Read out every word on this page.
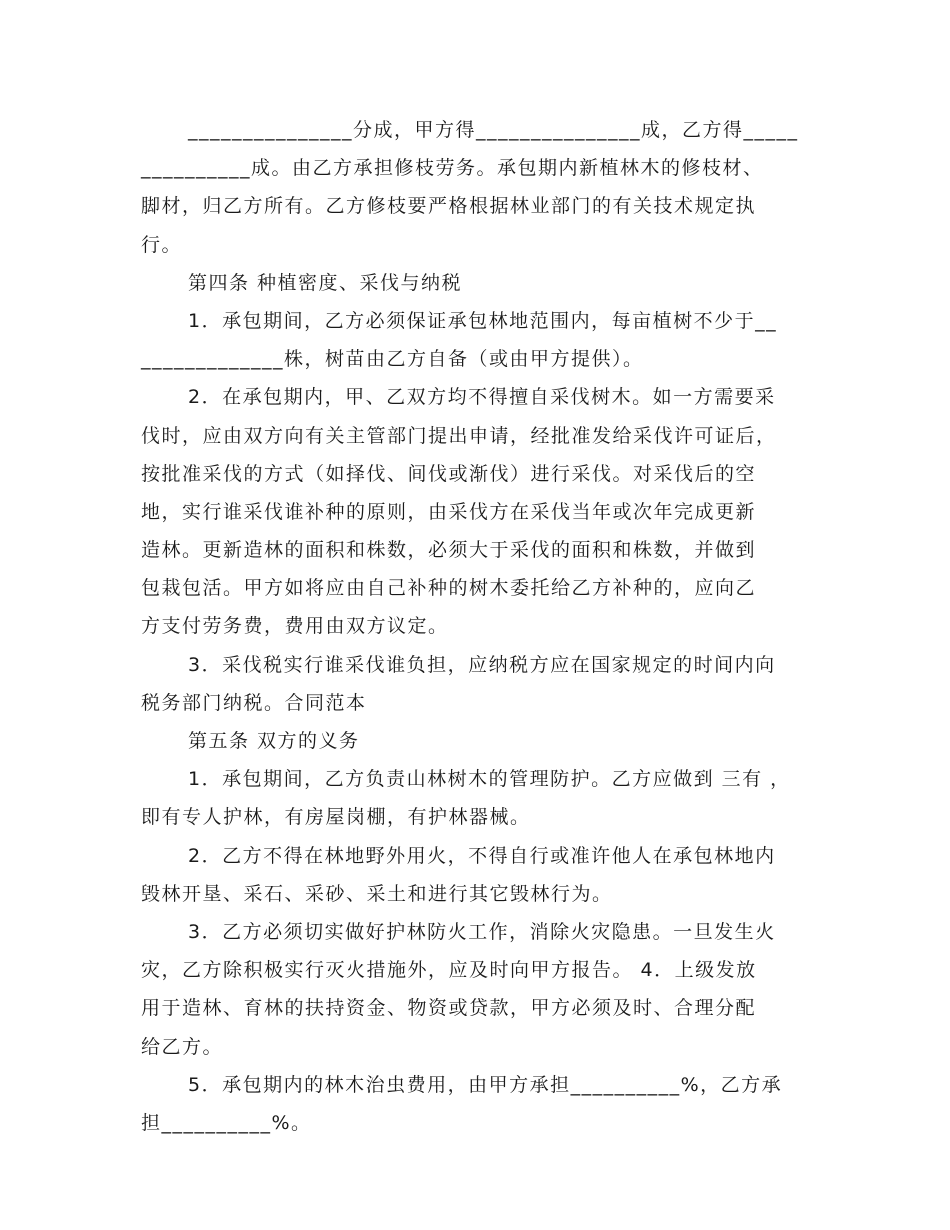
_______________分成，甲方得_______________成，乙方得_____
__________成。由乙方承担修枝劳务。承包期内新植林木的修枝材、
脚材，归乙方所有。乙方修枝要严格根据林业部门的有关技术规定执
行。
第四条 种植密度、采伐与纳税
1．承包期间，乙方必须保证承包林地范围内，每亩植树不少于__
_____________株，树苗由乙方自备（或由甲方提供）。
2．在承包期内，甲、乙双方均不得擅自采伐树木。如一方需要采
伐时，应由双方向有关主管部门提出申请，经批准发给采伐许可证后，
按批准采伐的方式（如择伐、间伐或渐伐）进行采伐。对采伐后的空
地，实行谁采伐谁补种的原则，由采伐方在采伐当年或次年完成更新
造林。更新造林的面积和株数，必须大于采伐的面积和株数，并做到
包栽包活。甲方如将应由自己补种的树木委托给乙方补种的，应向乙
方支付劳务费，费用由双方议定。
3．采伐税实行谁采伐谁负担，应纳税方应在国家规定的时间内向
税务部门纳税。合同范本
第五条 双方的义务
1．承包期间，乙方负责山林树木的管理防护。乙方应做到 三有 ，
即有专人护林，有房屋岗棚，有护林器械。
2．乙方不得在林地野外用火，不得自行或准许他人在承包林地内
毁林开垦、采石、采砂、采土和进行其它毁林行为。
3．乙方必须切实做好护林防火工作，消除火灾隐患。一旦发生火
灾，乙方除积极实行灭火措施外，应及时向甲方报告。 4．上级发放
用于造林、育林的扶持资金、物资或贷款，甲方必须及时、合理分配
给乙方。
5．承包期内的林木治虫费用，由甲方承担__________%，乙方承
担__________%。
